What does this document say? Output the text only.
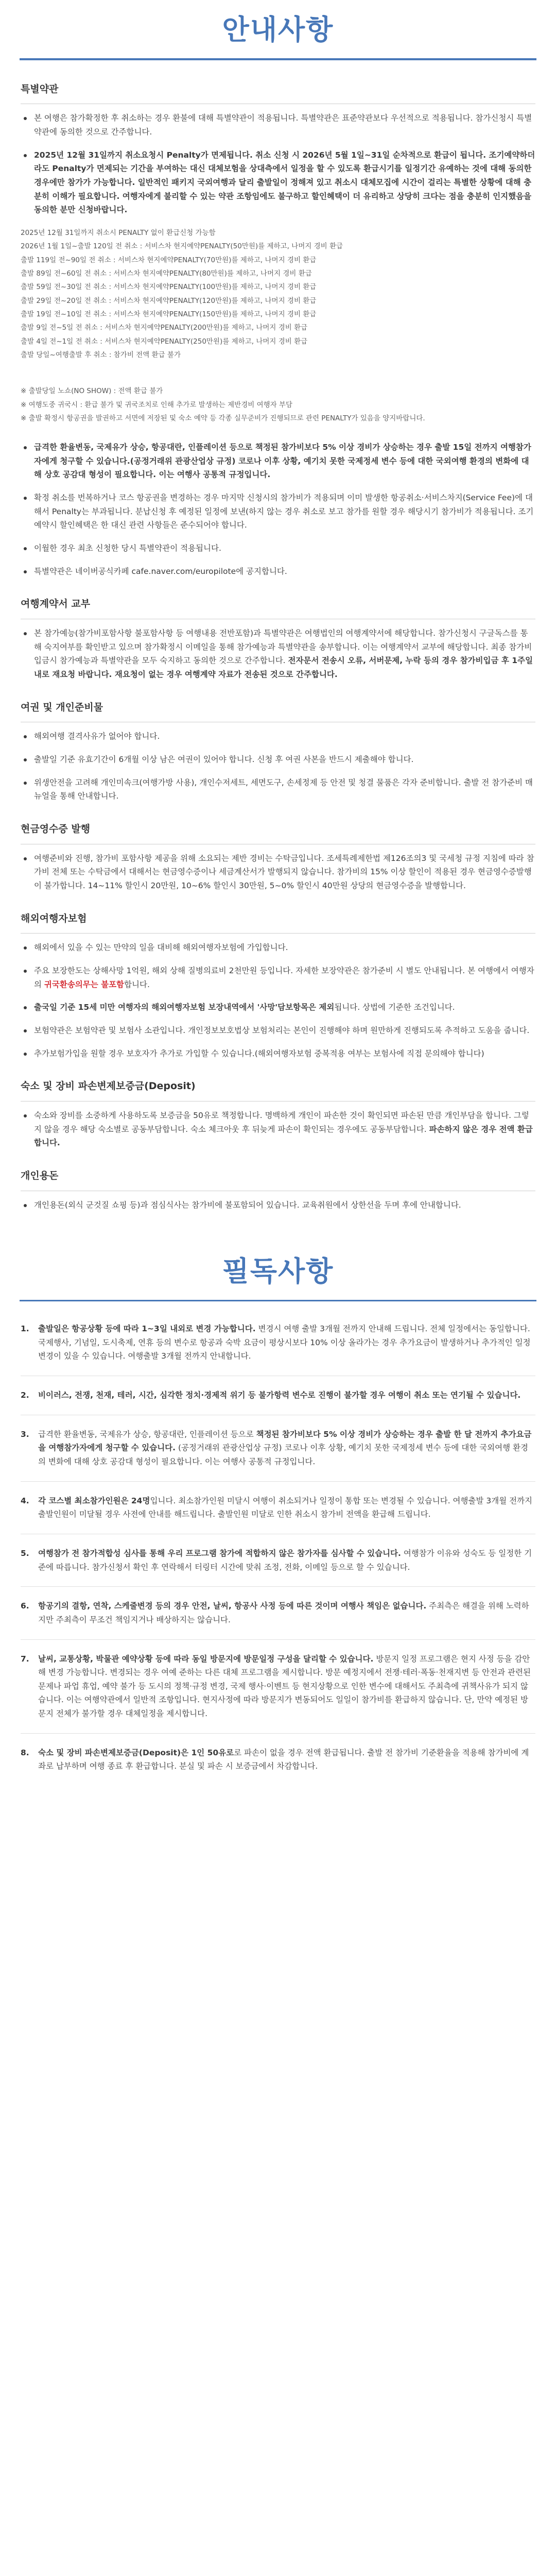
안내사항
특별약관
본 여행은 참가확정한 후 취소하는 경우 환불에 대해 특별약관이 적용됩니다. 특별약관은 표준약관보다 우선적으로 적용됩니다. 참가신청시 특별약관에 동의한 것으로 간주합니다.
2025년 12월 31일까지 취소요청시 Penalty가 면제됩니다. 취소 신청 시 2026년 5월 1일~31일 순차적으로 환급이 됩니다. 조기예약하더라도 Penalty가 면제되는 기간을 부여하는 대신 대체보험을 상대측에서 일정을 할 수 있도록 환급시기를 일정기간 유예하는 것에 대해 동의한 경우에만 참가가 가능합니다. 일반적인 패키지 국외여행과 달리 출발일이 정해져 있고 취소시 대체모집에 시간이 걸리는 특별한 상황에 대해 충분히 이해가 필요합니다. 여행자에게 불리할 수 있는 약관 조항임에도 불구하고 할인혜택이 더 유리하고 상당히 크다는 점을 충분히 인지했음을 동의한 분만 신청바랍니다.
2025년 12월 31일까지 취소시 PENALTY 없이 환급신청 가능함
2026년 1월 1일~출발 120일 전 취소 : 서비스차 현지예약PENALTY(50만원)를 제하고, 나머지 경비 환급
출발 119일 전~90일 전 취소 : 서비스차 현지예약PENALTY(70만원)를 제하고, 나머지 경비 환급
출발 89일 전~60일 전 취소 : 서비스차 현지예약PENALTY(80만원)를 제하고, 나머지 경비 환급
출발 59일 전~30일 전 취소 : 서비스차 현지예약PENALTY(100만원)를 제하고, 나머지 경비 환급
출발 29일 전~20일 전 취소 : 서비스차 현지예약PENALTY(120만원)를 제하고, 나머지 경비 환급
출발 19일 전~10일 전 취소 : 서비스차 현지예약PENALTY(150만원)를 제하고, 나머지 경비 환급
출발 9일 전~5일 전 취소 : 서비스차 현지예약PENALTY(200만원)를 제하고, 나머지 경비 환급
출발 4일 전~1일 전 취소 : 서비스차 현지예약PENALTY(250만원)를 제하고, 나머지 경비 환급
출발 당일~여행출발 후 취소 : 참가비 전액 환급 불가
※ 출발당일 노쇼(NO SHOW) : 전액 환급 불가
※ 여행도중 귀국시 : 환급 불가 및 귀국조치로 인해 추가로 발생하는 제반경비 여행자 부담
※ 출발 확정시 항공권을 발권하고 서면에 저장된 및 숙소 예약 등 각종 실무준비가 진행되므로 관련 PENALTY가 있음을 양지바랍니다.
급격한 환율변동, 국제유가 상승, 항공대란, 인플레이션 등으로 책정된 참가비보다 5% 이상 경비가 상승하는 경우 출발 15일 전까지 여행참가자에게 청구할 수 있습니다.(공정거래위 관광산업상 규정) 코로나 이후 상황, 예기치 못한 국제정세 변수 등에 대한 국외여행 환경의 변화에 대해 상호 공감대 형성이 필요합니다. 이는 여행사 공통적 규정입니다.
확정 취소를 번복하거나 코스 항공권을 변경하는 경우 마지막 신청시의 참가비가 적용되며 이미 발생한 항공취소·서비스차지(Service Fee)에 대해서 Penalty는 부과됩니다. 분납신청 후 예정된 일정에 보낸(하지 않는 경우 취소로 보고 참가를 원할 경우 해당시기 참가비가 적용됩니다. 조기예약시 할인혜택은 한 대신 관련 사항들은 준수되어야 합니다.
이월한 경우 최초 신청한 당시 특별약관이 적용됩니다.
특별약관은 네이버공식카페 cafe.naver.com/europilote에 공지합니다.
여행계약서 교부
본 참가예능(참가비포함사항 불포함사항 등 여행내용 전반포함)과 특별약관은 여행법인의 여행계약서에 해당합니다. 참가신청시 구글독스를 통해 숙지여부를 확인받고 있으며 참가확정시 이메일을 통해 참가예능과 특별약관을 송부합니다. 이는 여행계약서 교부에 해당합니다. 최종 참가비입금시 참가예능과 특별약관을 모두 숙지하고 동의한 것으로 간주합니다. 전자문서 전송시 오류, 서버문제, 누락 등의 경우 참가비입금 후 1주일 내로 재요청 바랍니다. 재요청이 없는 경우 여행계약 자료가 전송된 것으로 간주합니다.
여권 및 개인준비물
해외여행 결격사유가 없어야 합니다.
출발일 기준 유효기간이 6개월 이상 남은 여권이 있어야 합니다. 신청 후 여권 사본을 반드시 제출해야 합니다.
위생안전을 고려해 개인미속크(여행가방 사용), 개인수저세트, 세면도구, 손세정제 등 안전 및 청결 물품은 각자 준비합니다. 출발 전 참가준비 매뉴얼을 통해 안내합니다.
현금영수증 발행
여행준비와 진행, 참가비 포함사항 제공을 위해 소요되는 제반 경비는 수탁금입니다. 조세특례제한법 제126조의3 및 국세청 규정 지침에 따라 참가비 전체 또는 수탁금에서 대해서는 현금영수증이나 세금계산서가 발행되지 않습니다. 참가비의 15% 이상 할인이 적용된 경우 현금영수증발행이 불가합니다. 14~11% 할인시 20만원, 10~6% 할인시 30만원, 5~0% 할인시 40만원 상당의 현금영수증을 발행합니다.
해외여행자보험
해외에서 있을 수 있는 만약의 일을 대비해 해외여행자보험에 가입합니다.
주요 보장한도는 상해사망 1억원, 해외 상해 질병의료비 2천만원 등입니다. 자세한 보장약관은 참가준비 시 별도 안내됩니다. 본 여행에서 여행자의 귀국환송의무는 불포함합니다.
출국일 기준 15세 미만 여행자의 해외여행자보험 보장내역에서 '사망'담보항목은 제외됩니다. 상법에 기준한 조건입니다.
보험약관은 보험약관 및 보험사 소관입니다. 개인정보보호법상 보험처리는 본인이 진행해야 하며 원만하게 진행되도록 추적하고 도움을 줍니다.
추가보험가입을 원할 경우 보호자가 추가로 가입할 수 있습니다.(해외여행자보험 중복적용 여부는 보험사에 직접 문의해야 합니다)
숙소 및 장비 파손변제보증금(Deposit)
숙소와 장비를 소중하게 사용하도록 보증금을 50유로 책정합니다. 명백하게 개인이 파손한 것이 확인되면 파손된 만큼 개인부담을 합니다. 그렇지 않을 경우 해당 숙소별로 공동부담합니다. 숙소 체크아웃 후 뒤늦게 파손이 확인되는 경우에도 공동부담합니다. 파손하지 않은 경우 전액 환급합니다.
개인용돈
개인용돈(외식 군것질 쇼핑 등)과 점심식사는 참가비에 불포함되어 있습니다. 교육취원에서 상한선을 두며 후에 안내합니다.
필독사항
1. 출발일은 항공상황 등에 따라 1~3일 내외로 변경 가능합니다. 변경시 여행 출발 3개월 전까지 안내해 드립니다. 전체 일정에서는 동일합니다. 국제행사, 기념일, 도시축제, 연휴 등의 변수로 항공과 숙박 요금이 평상시보다 10% 이상 올라가는 경우 추가요금이 발생하거나 추가적인 일정변경이 있을 수 있습니다. 여행출발 3개월 전까지 안내합니다.
2. 비이러스, 전쟁, 천재, 테러, 시간, 심각한 정치·경제적 위기 등 불가항력 변수로 진행이 불가할 경우 여행이 취소 또는 연기될 수 있습니다.
3. 급격한 환율변동, 국제유가 상승, 항공대란, 인플레이션 등으로 책정된 참가비보다 5% 이상 경비가 상승하는 경우 출발 한 달 전까지 추가요금을 여행참가자에게 청구할 수 있습니다. (공정거래위 관광산업상 규정) 코로나 이후 상황, 예기치 못한 국제정세 변수 등에 대한 국외여행 환경의 변화에 대해 상호 공감대 형성이 필요합니다. 이는 여행사 공통적 규정입니다.
4. 각 코스별 최소참가인원은 24명입니다. 최소참가인원 미달시 여행이 취소되거나 일정이 통합 또는 변경될 수 있습니다. 여행출발 3개월 전까지 출발인원이 미달될 경우 사전에 안내를 해드립니다. 출발인원 미달로 인한 취소시 참가비 전액을 환급해 드립니다.
5. 여행참가 전 참가적합성 심사를 통해 우리 프로그램 참가에 적합하지 않은 참가자를 심사할 수 있습니다. 여행참가 이유와 성숙도 등 일정한 기준에 따릅니다. 참가신청서 확인 후 연락해서 터링터 시간에 맞춰 조정, 전화, 이메일 등으로 할 수 있습니다.
6. 항공기의 결항, 연착, 스케줄변경 등의 경우 안전, 날씨, 항공사 사정 등에 따른 것이며 여행사 책임은 없습니다. 주최측은 해결을 위해 노력하지만 주최측이 무조건 책임지거나 배상하지는 않습니다.
7. 날씨, 교통상황, 박물관 예약상황 등에 따라 동일 방문지에 방문일정 구성을 달리할 수 있습니다. 방문지 일정 프로그램은 현지 사정 등을 감안해 변경 가능합니다. 변경되는 경우 여예 준하는 다른 대체 프로그램을 제시합니다. 방문 예정지에서 전쟁·테러·폭동·천재지변 등 안전과 관련된 문제나 파업 휴업, 예약 불가 등 도시의 정책·규정 변경, 국제 행사·이벤트 등 현지상황으로 인한 변수에 대해서도 주최측에 귀책사유가 되지 않습니다. 이는 여행약관에서 일반적 조항입니다. 현지사정에 따라 방문지가 변동되어도 일일이 참가비를 환급하지 않습니다. 단, 만약 예정된 방문지 전체가 불가할 경우 대체일정을 제시합니다.
8. 숙소 및 장비 파손변제보증금(Deposit)은 1인 50유로로 파손이 없을 경우 전액 환급됩니다. 출발 전 참가비 기준환율을 적용해 참가비에 계좌로 납부하며 여행 종료 후 환급합니다. 분실 및 파손 시 보증금에서 차감합니다.
